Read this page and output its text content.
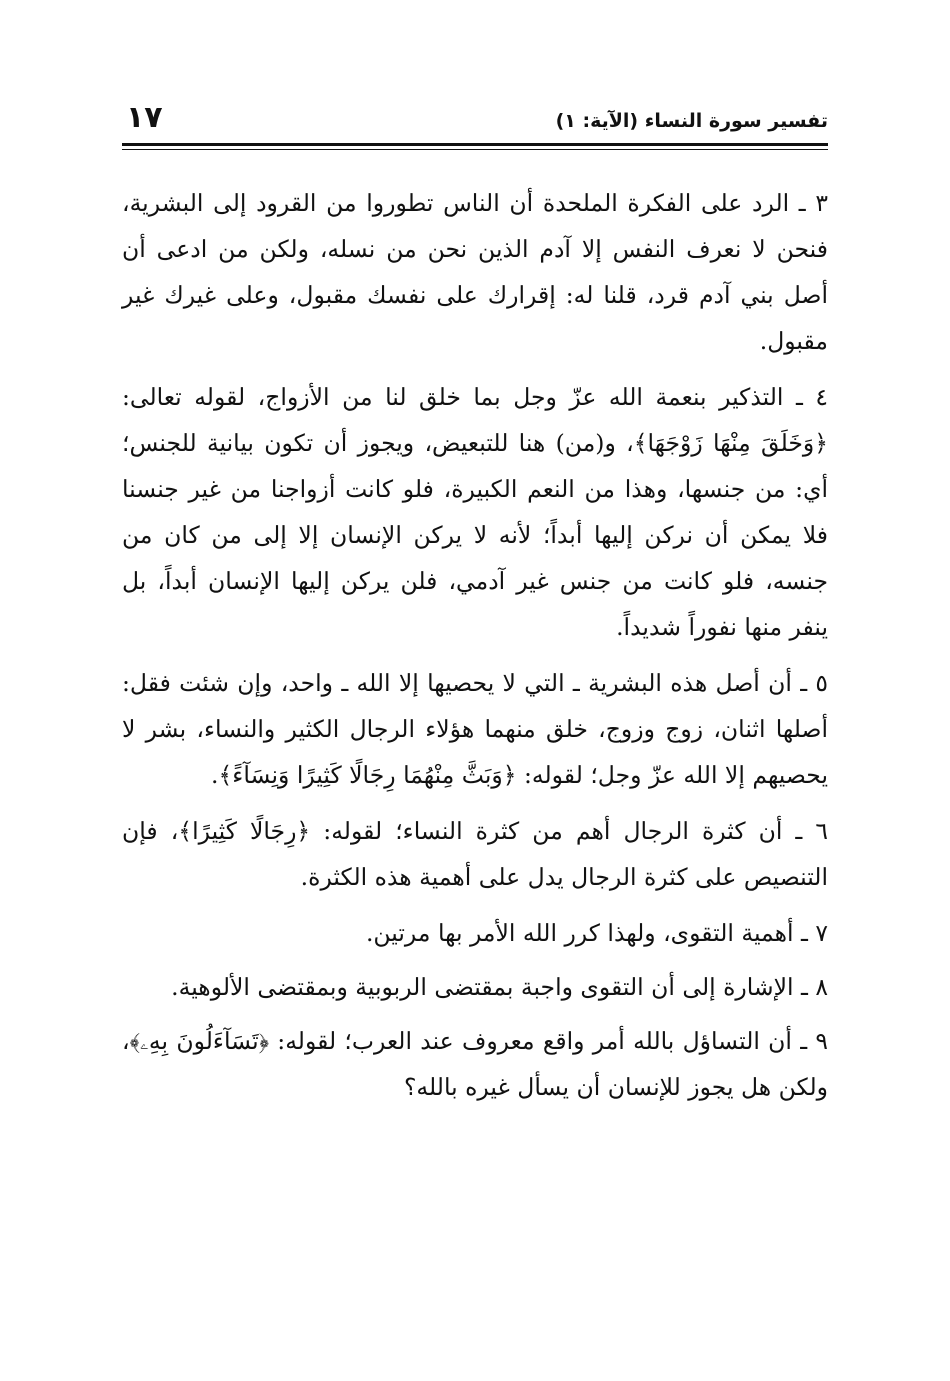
تفسير سورة النساء (الآية: ١)
١٧

٣ ـ الرد على الفكرة الملحدة أن الناس تطوروا من القرود إلى البشرية، فنحن لا نعرف النفس إلا آدم الذين نحن من نسله، ولكن من ادعى أن أصل بني آدم قرد، قلنا له: إقرارك على نفسك مقبول، وعلى غيرك غير مقبول.

٤ ـ التذكير بنعمة الله عزّ وجل بما خلق لنا من الأزواج، لقوله تعالى: ﴿وَخَلَقَ مِنْهَا زَوْجَهَا﴾، و(من) هنا للتبعيض، ويجوز أن تكون بيانية للجنس؛ أي: من جنسها، وهذا من النعم الكبيرة، فلو كانت أزواجنا من غير جنسنا فلا يمكن أن نركن إليها أبداً؛ لأنه لا يركن الإنسان إلا إلى من كان من جنسه، فلو كانت من جنس غير آدمي، فلن يركن إليها الإنسان أبداً، بل ينفر منها نفوراً شديداً.

٥ ـ أن أصل هذه البشرية ـ التي لا يحصيها إلا الله ـ واحد، وإن شئت فقل: أصلها اثنان، زوج وزوج، خلق منهما هؤلاء الرجال الكثير والنساء، بشر لا يحصيهم إلا الله عزّ وجل؛ لقوله: ﴿وَبَثَّ مِنْهُمَا رِجَالًا كَثِيرًا وَنِسَآءً﴾.

٦ ـ أن كثرة الرجال أهم من كثرة النساء؛ لقوله: ﴿رِجَالًا كَثِيرًا﴾، فإن التنصيص على كثرة الرجال يدل على أهمية هذه الكثرة.

٧ ـ أهمية التقوى، ولهذا كرر الله الأمر بها مرتين.

٨ ـ الإشارة إلى أن التقوى واجبة بمقتضى الربوبية وبمقتضى الألوهية.

٩ ـ أن التساؤل بالله أمر واقع معروف عند العرب؛ لقوله: ﴿تَسَآءَلُونَ بِهِۦ﴾، ولكن هل يجوز للإنسان أن يسأل غيره بالله؟
